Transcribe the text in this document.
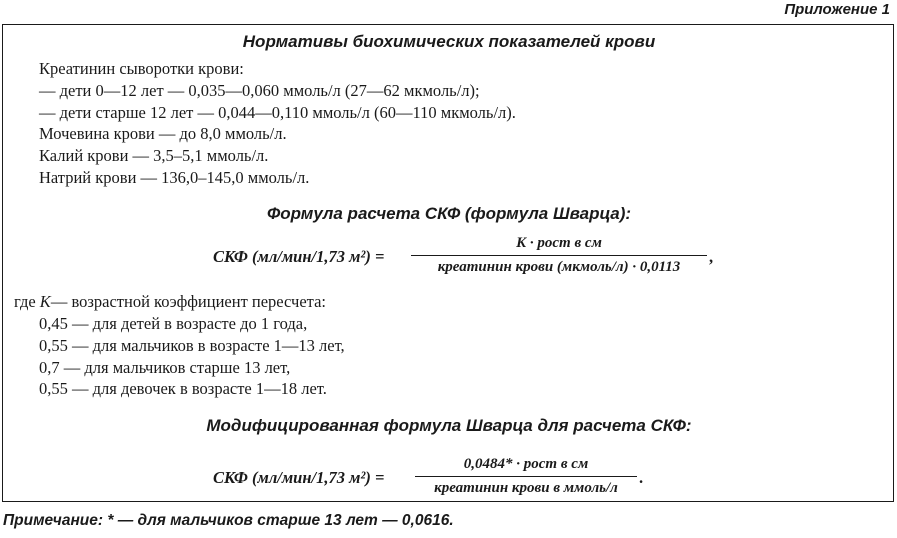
Приложение 1
Нормативы биохимических показателей крови
Креатинин сыворотки крови:
— дети 0—12 лет — 0,035—0,060 ммоль/л (27—62 мкмоль/л);
— дети старше 12 лет — 0,044—0,110 ммоль/л (60—110 мкмоль/л).
Мочевина крови — до 8,0 ммоль/л.
Калий крови — 3,5–5,1 ммоль/л.
Натрий крови — 136,0–145,0 ммоль/л.
Формула расчета СКФ (формула Шварца):
СКФ (мл/мин/1,73 м²) =
K · рост в см
креатинин крови (мкмоль/л) · 0,0113
,
где K— возрастной коэффициент пересчета:
0,45 — для детей в возрасте до 1 года,
0,55 — для мальчиков в возрасте 1—13 лет,
0,7 — для мальчиков старше 13 лет,
0,55 — для девочек в возрасте 1—18 лет.
Модифицированная формула Шварца для расчета СКФ:
СКФ (мл/мин/1,73 м²) =
0,0484* · рост в см
креатинин крови в ммоль/л
.
Примечание: * — для мальчиков старше 13 лет — 0,0616.
